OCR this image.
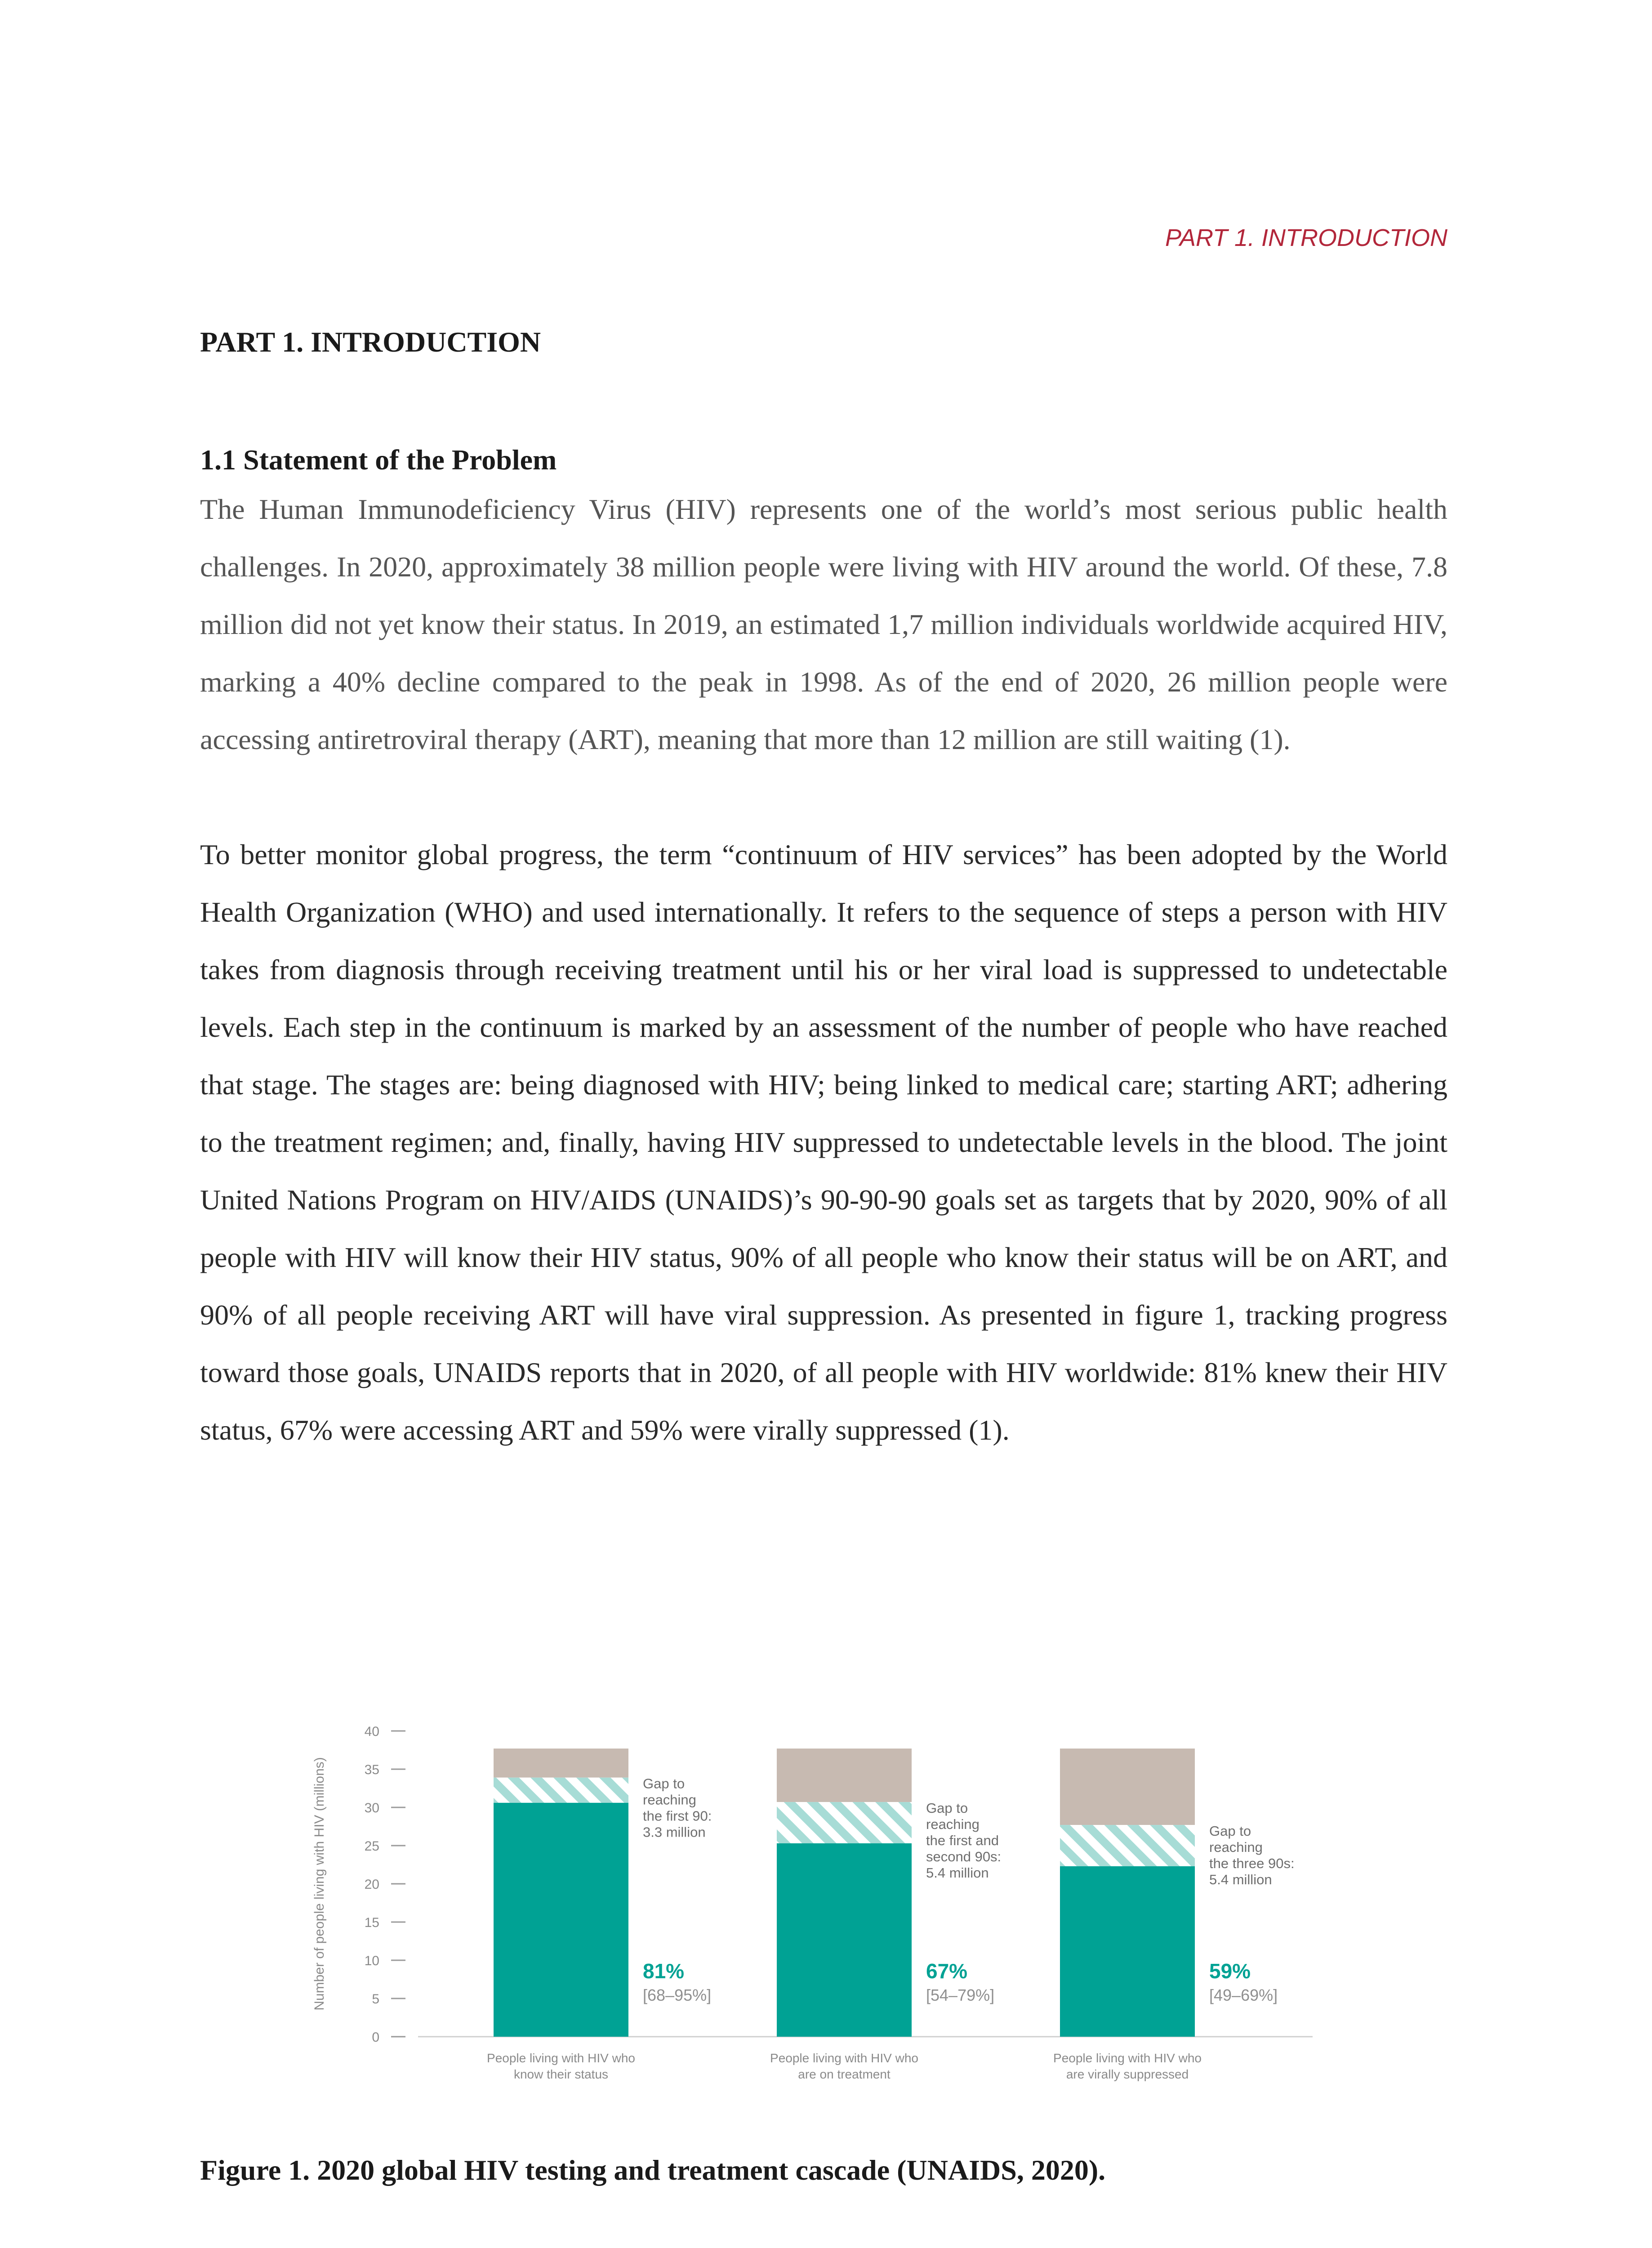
PART 1. INTRODUCTION
PART 1. INTRODUCTION
1.1 Statement of the Problem

The Human Immunodeficiency Virus (HIV) represents one of the world’s most serious public health challenges. In 2020, approximately 38 million people were living with HIV around the world. Of these, 7.8 million did not yet know their status. In 2019, an estimated 1,7 million individuals worldwide acquired HIV, marking a 40% decline compared to the peak in 1998. As of the end of 2020, 26 million people were accessing antiretroviral therapy (ART), meaning that more than 12 million are still waiting (1).

To better monitor global progress, the term “continuum of HIV services” has been adopted by the World Health Organization (WHO) and used internationally. It refers to the sequence of steps a person with HIV takes from diagnosis through receiving treatment until his or her viral load is suppressed to undetectable levels. Each step in the continuum is marked by an assessment of the number of people who have reached that stage. The stages are: being diagnosed with HIV; being linked to medical care; starting ART; adhering to the treatment regimen; and, finally, having HIV suppressed to undetectable levels in the blood. The joint United Nations Program on HIV/AIDS (UNAIDS)’s 90-90-90 goals set as targets that by 2020, 90% of all people with HIV will know their HIV status, 90% of all people who know their status will be on ART, and 90% of all people receiving ART will have viral suppression. As presented in figure 1, tracking progress toward those goals, UNAIDS reports that in 2020, of all people with HIV worldwide: 81% knew their HIV status, 67% were accessing ART and 59% were virally suppressed (1).

Number of people living with HIV (millions)
0
5
10
15
20
25
30
35
40
Gap to
reaching
the first 90:
3.3 million
81%
[68–95%]
People living with HIV who
know their status
Gap to
reaching
the first and
second 90s:
5.4 million
67%
[54–79%]
People living with HIV who
are on treatment
Gap to
reaching
the three 90s:
5.4 million
59%
[49–69%]
People living with HIV who
are virally suppressed

Figure 1. 2020 global HIV testing and treatment cascade (UNAIDS, 2020).
